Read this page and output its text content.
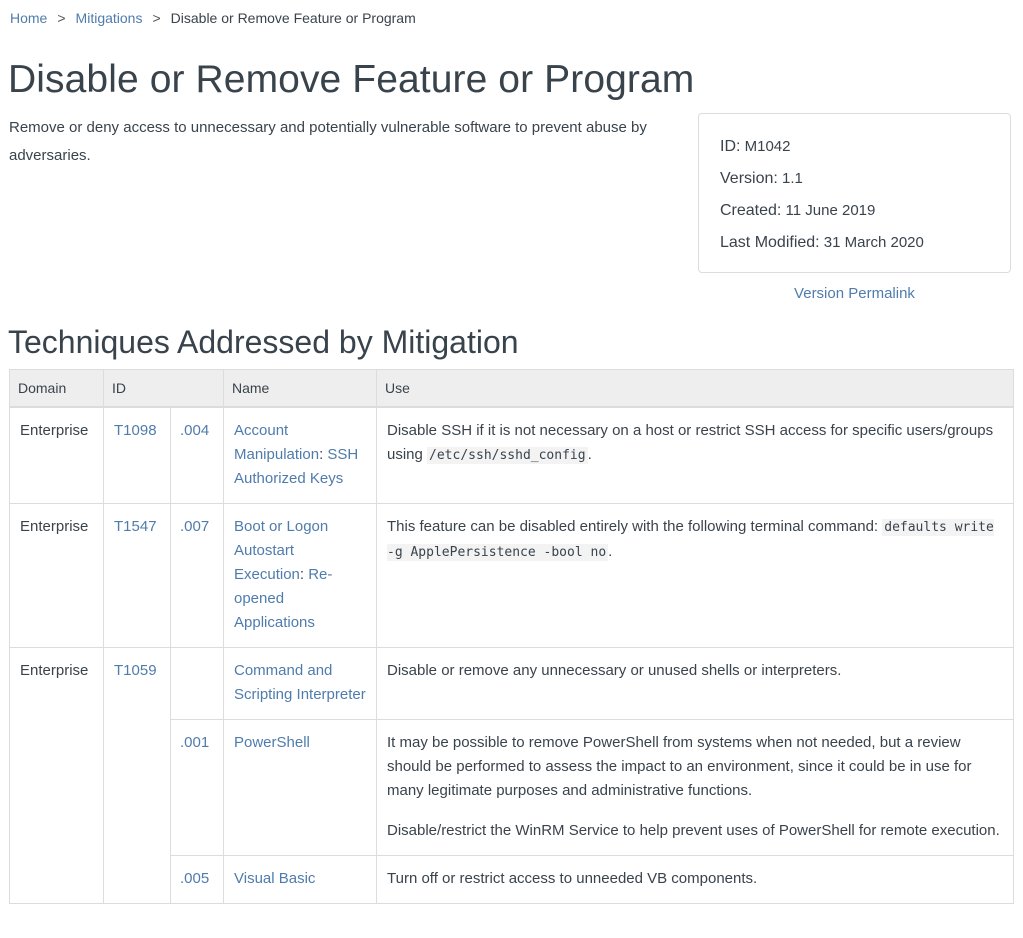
Home > Mitigations > Disable or Remove Feature or Program
Disable or Remove Feature or Program

Remove or deny access to unnecessary and potentially vulnerable software to prevent abuse by adversaries.

ID: M1042
Version: 1.1
Created: 11 June 2019
Last Modified: 31 March 2020
Version Permalink
Techniques Addressed by Mitigation
Domain	ID		Name	Use
Enterprise	T1098	.004	Account Manipulation: SSH Authorized Keys	Disable SSH if it is not necessary on a host or restrict SSH access for specific users/groups using /etc/ssh/sshd_config .
Enterprise	T1547	.007	Boot or Logon Autostart Execution: Re-opened Applications	This feature can be disabled entirely with the following terminal command: defaults write -g ApplePersistence -bool no .
Enterprise	T1059		Command and Scripting Interpreter	Disable or remove any unnecessary or unused shells or interpreters.
		.001	PowerShell	It may be possible to remove PowerShell from systems when not needed, but a review should be performed to assess the impact to an environment, since it could be in use for many legitimate purposes and administrative functions.

Disable/restrict the WinRM Service to help prevent uses of PowerShell for remote execution.

		.005	Visual Basic	Turn off or restrict access to unneeded VB components.
